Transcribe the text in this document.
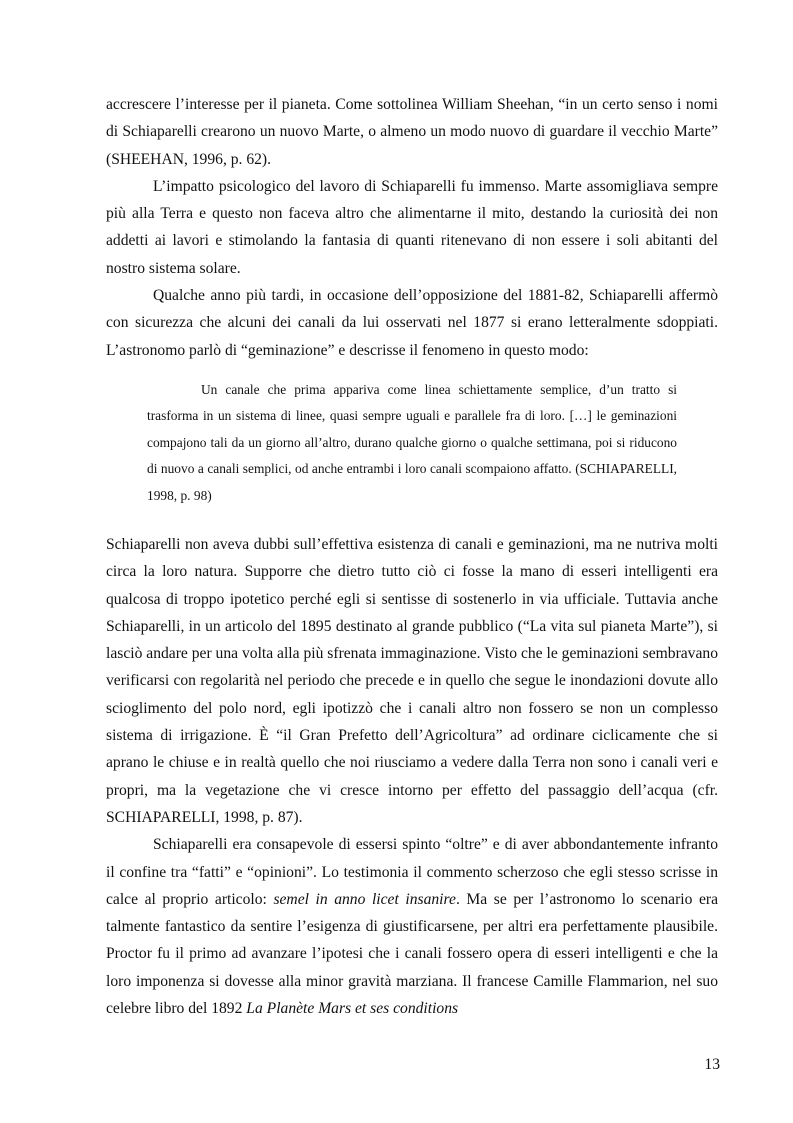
accrescere l’interesse per il pianeta. Come sottolinea William Sheehan, “in un certo senso i nomi di Schiaparelli crearono un nuovo Marte, o almeno un modo nuovo di guardare il vecchio Marte” (SHEEHAN, 1996, p. 62).

L’impatto psicologico del lavoro di Schiaparelli fu immenso. Marte assomigliava sempre più alla Terra e questo non faceva altro che alimentarne il mito, destando la curiosità dei non addetti ai lavori e stimolando la fantasia di quanti ritenevano di non essere i soli abitanti del nostro sistema solare.

Qualche anno più tardi, in occasione dell’opposizione del 1881-82, Schiaparelli affermò con sicurezza che alcuni dei canali da lui osservati nel 1877 si erano letteralmente sdoppiati. L’astronomo parlò di “geminazione” e descrisse il fenomeno in questo modo:

Un canale che prima appariva come linea schiettamente semplice, d’un tratto si trasforma in un sistema di linee, quasi sempre uguali e parallele fra di loro. […] le geminazioni compajono tali da un giorno all’altro, durano qualche giorno o qualche settimana, poi si riducono di nuovo a canali semplici, od anche entrambi i loro canali scompaiono affatto. (SCHIAPARELLI, 1998, p. 98)

Schiaparelli non aveva dubbi sull’effettiva esistenza di canali e geminazioni, ma ne nutriva molti circa la loro natura. Supporre che dietro tutto ciò ci fosse la mano di esseri intelligenti era qualcosa di troppo ipotetico perché egli si sentisse di sostenerlo in via ufficiale. Tuttavia anche Schiaparelli, in un articolo del 1895 destinato al grande pubblico (“La vita sul pianeta Marte”), si lasciò andare per una volta alla più sfrenata immaginazione. Visto che le geminazioni sembravano verificarsi con regolarità nel periodo che precede e in quello che segue le inondazioni dovute allo scioglimento del polo nord, egli ipotizzò che i canali altro non fossero se non un complesso sistema di irrigazione. È “il Gran Prefetto dell’Agricoltura” ad ordinare ciclicamente che si aprano le chiuse e in realtà quello che noi riusciamo a vedere dalla Terra non sono i canali veri e propri, ma la vegetazione che vi cresce intorno per effetto del passaggio dell’acqua (cfr. SCHIAPARELLI, 1998, p. 87).

Schiaparelli era consapevole di essersi spinto “oltre” e di aver abbondantemente infranto il confine tra “fatti” e “opinioni”. Lo testimonia il commento scherzoso che egli stesso scrisse in calce al proprio articolo: semel in anno licet insanire. Ma se per l’astronomo lo scenario era talmente fantastico da sentire l’esigenza di giustificarsene, per altri era perfettamente plausibile. Proctor fu il primo ad avanzare l’ipotesi che i canali fossero opera di esseri intelligenti e che la loro imponenza si dovesse alla minor gravità marziana. Il francese Camille Flammarion, nel suo celebre libro del 1892 La Planète Mars et ses conditions

13
